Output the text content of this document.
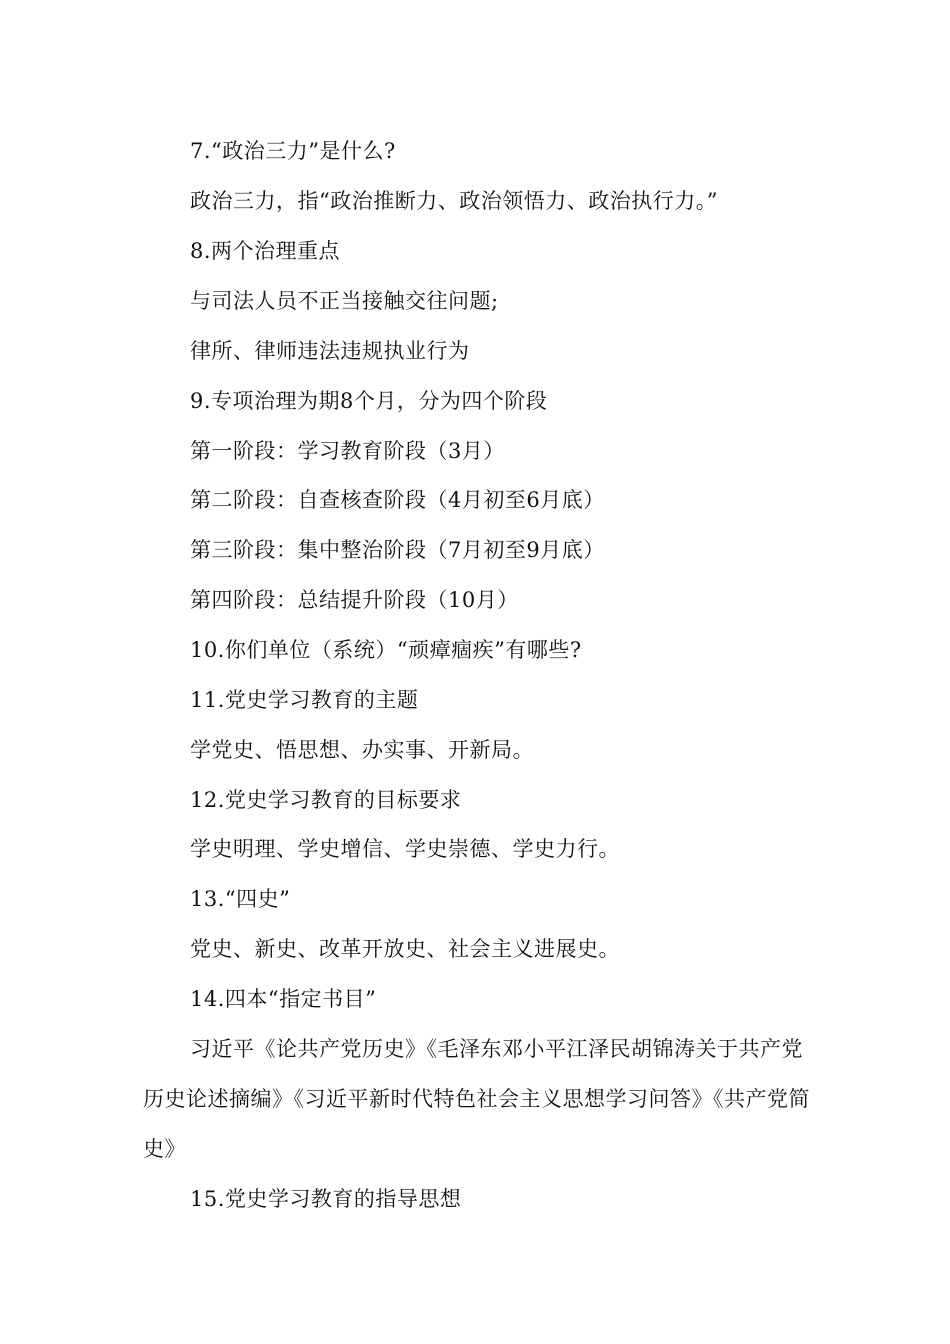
7.“政治三力”是什么?
政治三力，指“政治推断力、政治领悟力、政治执行力。”
8.两个治理重点
与司法人员不正当接触交往问题;
律所、律师违法违规执业行为
9.专项治理为期8个月，分为四个阶段
第一阶段：学习教育阶段（3月）
第二阶段：自查核查阶段（4月初至6月底）
第三阶段：集中整治阶段（7月初至9月底）
第四阶段：总结提升阶段（10月）
10.你们单位（系统）“顽瘴痼疾”有哪些?
11.党史学习教育的主题
学党史、悟思想、办实事、开新局。
12.党史学习教育的目标要求
学史明理、学史增信、学史崇德、学史力行。
13.“四史”
党史、新史、改革开放史、社会主义进展史。
14.四本“指定书目”
习近平《论共产党历史》《毛泽东邓小平江泽民胡锦涛关于共产党历史论述摘编》《习近平新时代特色社会主义思想学习问答》《共产党简史》
15.党史学习教育的指导思想
